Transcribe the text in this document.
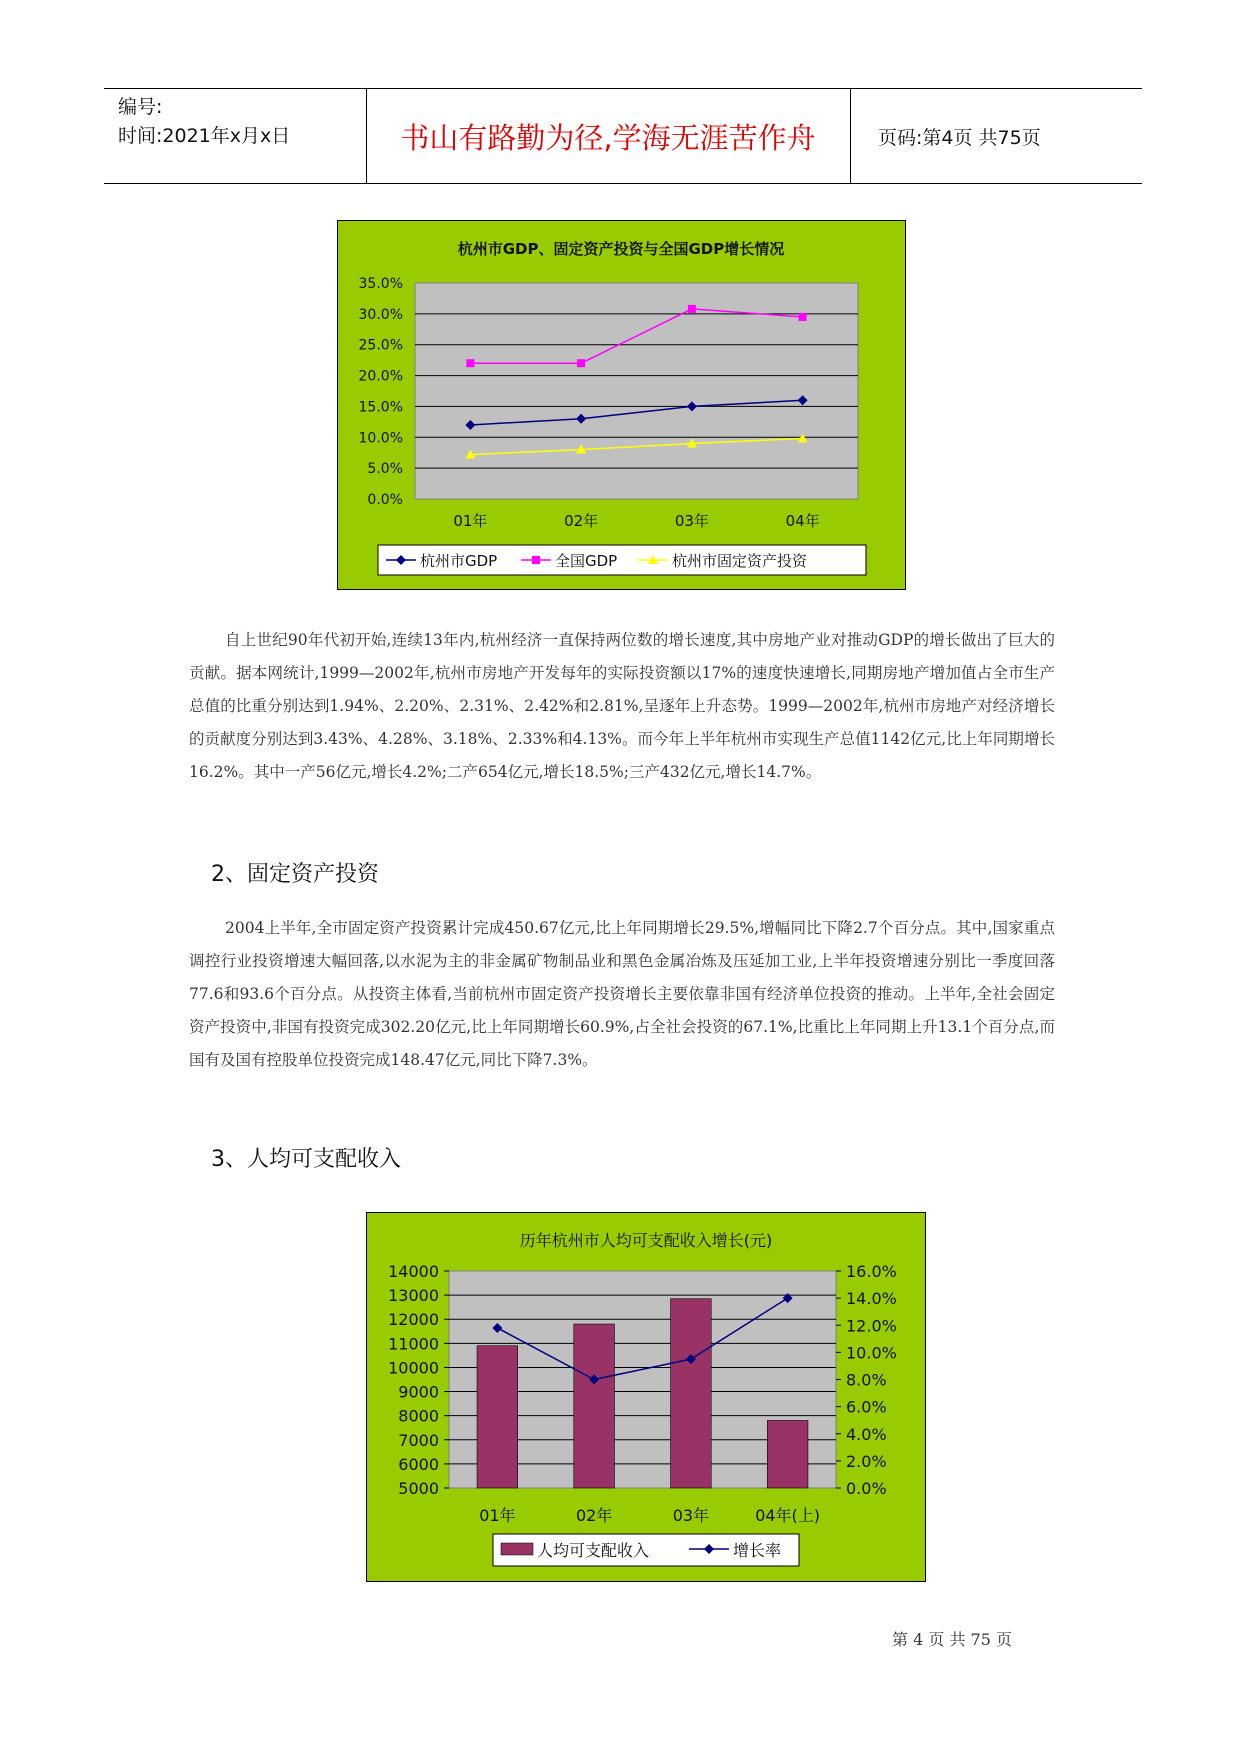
编号:
时间:2021年x月x日	书山有路勤为径,学海无涯苦作舟	页码:第4页 共75页
杭州市GDP、固定资产投资与全国GDP增长情况
35.0%
30.0%
25.0%
20.0%
15.0%
10.0%
5.0%
0.0%
01年	02年	03年	04年
杭州市GDP	全国GDP	杭州市固定资产投资

自上世纪90年代初开始,连续13年内,杭州经济一直保持两位数的增长速度,其中房地产业对推动GDP的增长做出了巨大的贡献。据本网统计,1999—2002年,杭州市房地产开发每年的实际投资额以17%的速度快速增长,同期房地产增加值占全市生产总值的比重分别达到1.94%、2.20%、2.31%、2.42%和2.81%,呈逐年上升态势。1999—2002年,杭州市房地产对经济增长的贡献度分别达到3.43%、4.28%、3.18%、2.33%和4.13%。而今年上半年杭州市实现生产总值1142亿元,比上年同期增长16.2%。其中一产56亿元,增长4.2%;二产654亿元,增长18.5%;三产432亿元,增长14.7%。

2、固定资产投资

2004上半年,全市固定资产投资累计完成450.67亿元,比上年同期增长29.5%,增幅同比下降2.7个百分点。其中,国家重点调控行业投资增速大幅回落,以水泥为主的非金属矿物制品业和黑色金属冶炼及压延加工业,上半年投资增速分别比一季度回落77.6和93.6个百分点。从投资主体看,当前杭州市固定资产投资增长主要依靠非国有经济单位投资的推动。上半年,全社会固定资产投资中,非国有投资完成302.20亿元,比上年同期增长60.9%,占全社会投资的67.1%,比重比上年同期上升13.1个百分点,而国有及国有控股单位投资完成148.47亿元,同比下降7.3%。

3、人均可支配收入
历年杭州市人均可支配收入增长(元)
14000
13000
12000
11000
10000
9000
8000
7000
6000
5000
16.0%
14.0%
12.0%
10.0%
8.0%
6.0%
4.0%
2.0%
0.0%
01年	02年	03年	04年(上)
人均可支配收入	增长率
第 4 页 共 75 页
